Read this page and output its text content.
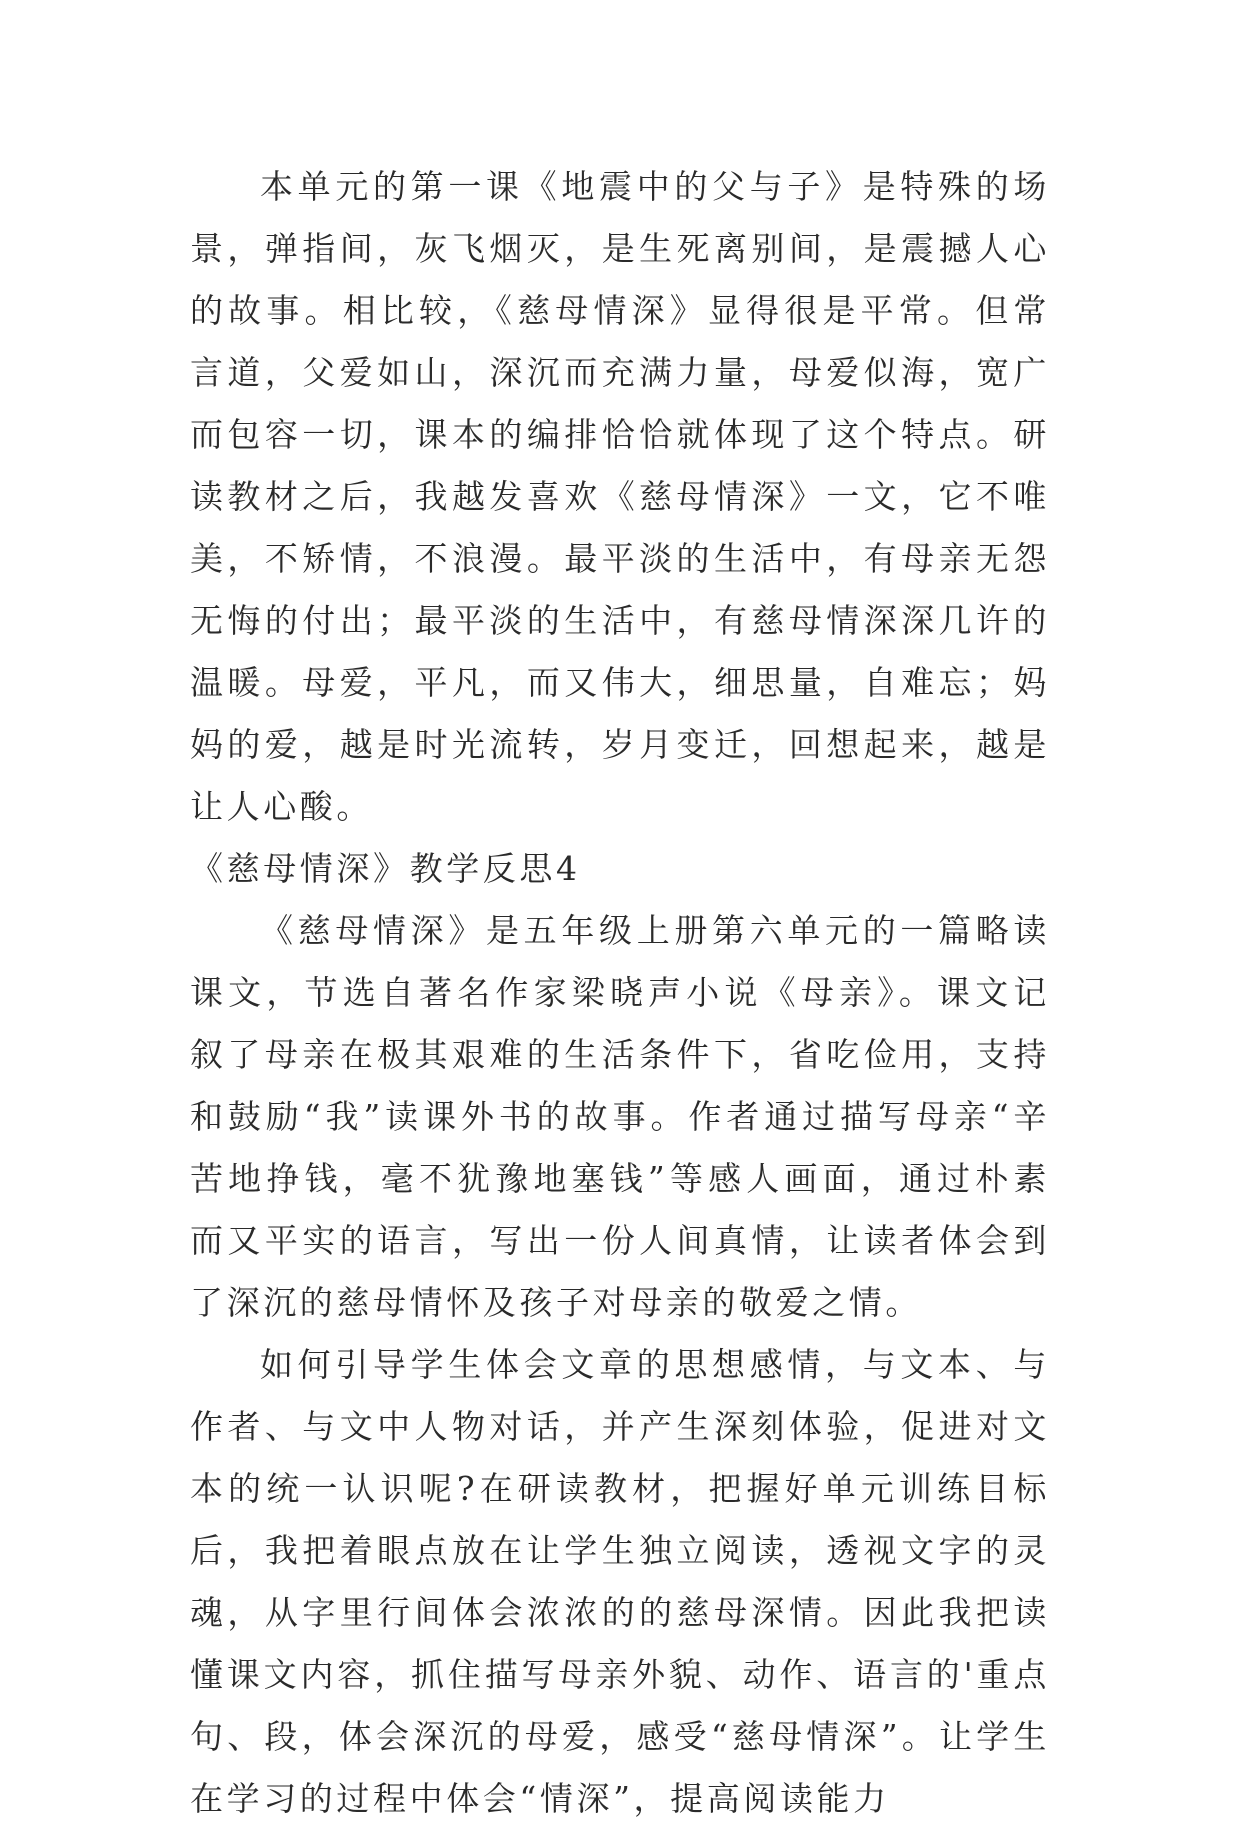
本单元的第一课《地震中的父与子》是特殊的场景，弹指间，灰飞烟灭，是生死离别间，是震撼人心的故事。相比较，《慈母情深》显得很是平常。但常言道，父爱如山，深沉而充满力量，母爱似海，宽广而包容一切，课本的编排恰恰就体现了这个特点。研读教材之后，我越发喜欢《慈母情深》一文，它不唯美，不矫情，不浪漫。最平淡的生活中，有母亲无怨无悔的付出；最平淡的生活中，有慈母情深深几许的温暖。母爱，平凡，而又伟大，细思量，自难忘；妈妈的爱，越是时光流转，岁月变迁，回想起来，越是让人心酸。

《慈母情深》教学反思4

《慈母情深》是五年级上册第六单元的一篇略读课文，节选自著名作家梁晓声小说《母亲》。课文记叙了母亲在极其艰难的生活条件下，省吃俭用，支持和鼓励“我”读课外书的故事。作者通过描写母亲“辛苦地挣钱，毫不犹豫地塞钱”等感人画面，通过朴素而又平实的语言，写出一份人间真情，让读者体会到了深沉的慈母情怀及孩子对母亲的敬爱之情。

如何引导学生体会文章的思想感情，与文本、与作者、与文中人物对话，并产生深刻体验，促进对文本的统一认识呢?在研读教材，把握好单元训练目标后，我把着眼点放在让学生独立阅读，透视文字的灵魂，从字里行间体会浓浓的的慈母深情。因此我把读懂课文内容，抓住描写母亲外貌、动作、语言的'重点句、段，体会深沉的母爱，感受“慈母情深”。让学生在学习的过程中体会“情深”，提高阅读能力
